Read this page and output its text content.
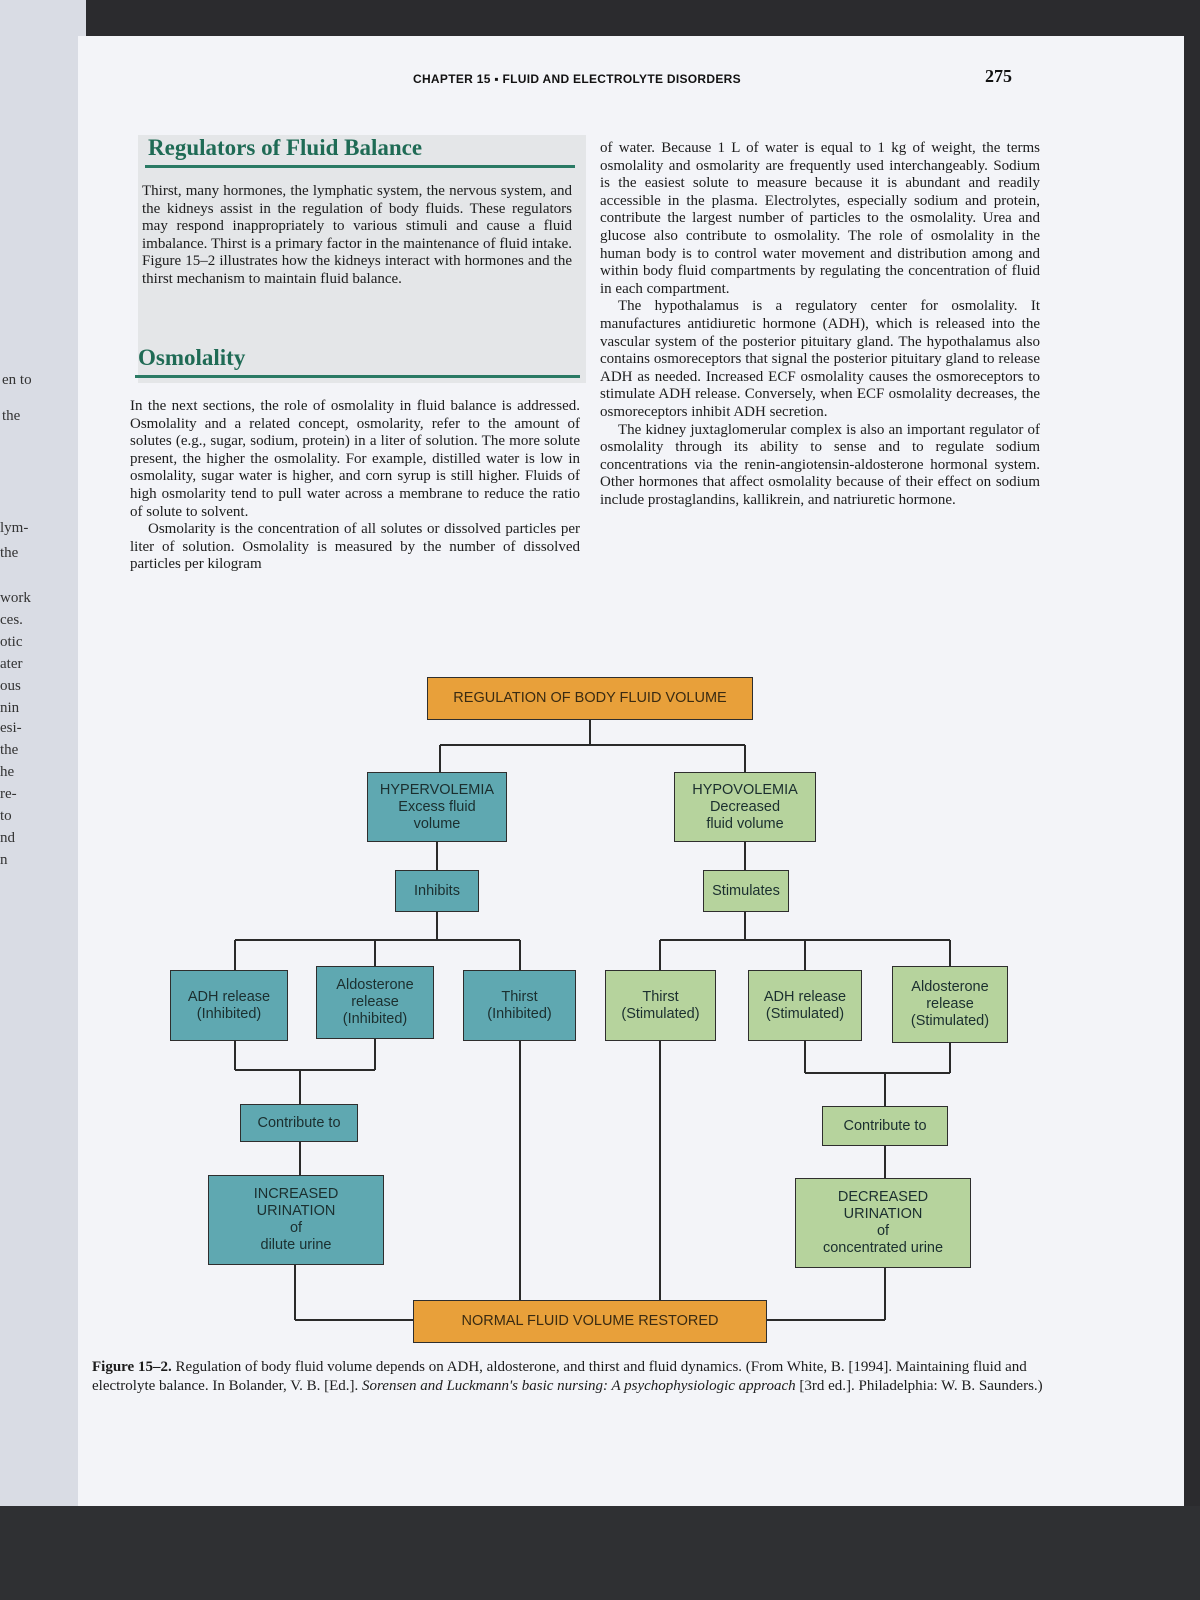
en to
the
lym-
the
work
ces.
otic
ater
ous
nin
esi-
the
he
re-
to
nd
n
CHAPTER 15 ▪ FLUID AND ELECTROLYTE DISORDERS	275
Regulators of Fluid Balance

Thirst, many hormones, the lymphatic system, the nervous system, and the kidneys assist in the regulation of body fluids. These regulators may respond inappropriately to various stimuli and cause a fluid imbalance. Thirst is a primary factor in the maintenance of fluid intake. Figure 15–2 illustrates how the kidneys interact with hormones and the thirst mechanism to maintain fluid balance.

Osmolality

In the next sections, the role of osmolality in fluid balance is addressed. Osmolality and a related concept, osmolarity, refer to the amount of solutes (e.g., sugar, sodium, protein) in a liter of solution. The more solute present, the higher the osmolality. For example, distilled water is low in osmolality, sugar water is higher, and corn syrup is still higher. Fluids of high osmolarity tend to pull water across a membrane to reduce the ratio of solute to solvent.

Osmolarity is the concentration of all solutes or dissolved particles per liter of solution. Osmolality is measured by the number of dissolved particles per kilogram

of water. Because 1 L of water is equal to 1 kg of weight, the terms osmolality and osmolarity are frequently used interchangeably. Sodium is the easiest solute to measure because it is abundant and readily accessible in the plasma. Electrolytes, especially sodium and protein, contribute the largest number of particles to the osmolality. Urea and glucose also contribute to osmolality. The role of osmolality in the human body is to control water movement and distribution among and within body fluid compartments by regulating the concentration of fluid in each compartment.

The hypothalamus is a regulatory center for osmolality. It manufactures antidiuretic hormone (ADH), which is released into the vascular system of the posterior pituitary gland. The hypothalamus also contains osmoreceptors that signal the posterior pituitary gland to release ADH as needed. Increased ECF osmolality causes the osmoreceptors to stimulate ADH release. Conversely, when ECF osmolality decreases, the osmoreceptors inhibit ADH secretion.

The kidney juxtaglomerular complex is also an important regulator of osmolality through its ability to sense and to regulate sodium concentrations via the renin-angiotensin-aldosterone hormonal system. Other hormones that affect osmolality because of their effect on sodium include prostaglandins, kallikrein, and natriuretic hormone.

REGULATION OF BODY FLUID VOLUME
HYPERVOLEMIA
Excess fluid
volume
HYPOVOLEMIA
Decreased
fluid volume
Inhibits	Stimulates
ADH release
(Inhibited)
Aldosterone
release
(Inhibited)
Thirst
(Inhibited)
Thirst
(Stimulated)
ADH release
(Stimulated)
Aldosterone
release
(Stimulated)
Contribute to	Contribute to
INCREASED
URINATION
of
dilute urine
DECREASED
URINATION
of
concentrated urine
NORMAL FLUID VOLUME RESTORED
Figure 15–2. Regulation of body fluid volume depends on ADH, aldosterone, and thirst and fluid dynamics. (From White, B. [1994]. Maintaining fluid and electrolyte balance. In Bolander, V. B. [Ed.]. Sorensen and Luckmann's basic nursing: A psychophysiologic approach [3rd ed.]. Philadelphia: W. B. Saunders.)
